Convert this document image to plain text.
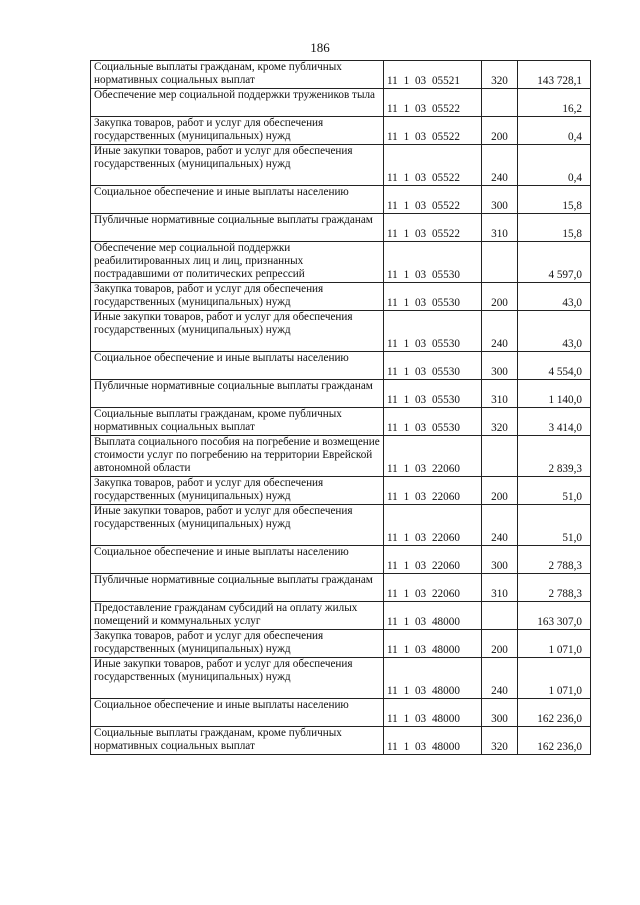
186
Социальные выплаты гражданам, кроме публичных нормативных социальных выплат	11 1 03 05521	320	143 728,1
Обеспечение мер социальной поддержки тружеников тыла	11 1 03 05522		16,2
Закупка товаров, работ и услуг для обеспечения государственных (муниципальных) нужд	11 1 03 05522	200	0,4
Иные закупки товаров, работ и услуг для обеспечения государственных (муниципальных) нужд	11 1 03 05522	240	0,4
Социальное обеспечение и иные выплаты населению	11 1 03 05522	300	15,8
Публичные нормативные социальные выплаты гражданам	11 1 03 05522	310	15,8
Обеспечение мер социальной поддержки реабилитированных лиц и лиц, признанных пострадавшими от политических репрессий	11 1 03 05530		4 597,0
Закупка товаров, работ и услуг для обеспечения государственных (муниципальных) нужд	11 1 03 05530	200	43,0
Иные закупки товаров, работ и услуг для обеспечения государственных (муниципальных) нужд	11 1 03 05530	240	43,0
Социальное обеспечение и иные выплаты населению	11 1 03 05530	300	4 554,0
Публичные нормативные социальные выплаты гражданам	11 1 03 05530	310	1 140,0
Социальные выплаты гражданам, кроме публичных нормативных социальных выплат	11 1 03 05530	320	3 414,0
Выплата социального пособия на погребение и возмещение стоимости услуг по погребению на территории Еврейской автономной области	11 1 03 22060		2 839,3
Закупка товаров, работ и услуг для обеспечения государственных (муниципальных) нужд	11 1 03 22060	200	51,0
Иные закупки товаров, работ и услуг для обеспечения государственных (муниципальных) нужд	11 1 03 22060	240	51,0
Социальное обеспечение и иные выплаты населению	11 1 03 22060	300	2 788,3
Публичные нормативные социальные выплаты гражданам	11 1 03 22060	310	2 788,3
Предоставление гражданам субсидий на оплату жилых помещений и коммунальных услуг	11 1 03 48000		163 307,0
Закупка товаров, работ и услуг для обеспечения государственных (муниципальных) нужд	11 1 03 48000	200	1 071,0
Иные закупки товаров, работ и услуг для обеспечения государственных (муниципальных) нужд	11 1 03 48000	240	1 071,0
Социальное обеспечение и иные выплаты населению	11 1 03 48000	300	162 236,0
Социальные выплаты гражданам, кроме публичных нормативных социальных выплат	11 1 03 48000	320	162 236,0
